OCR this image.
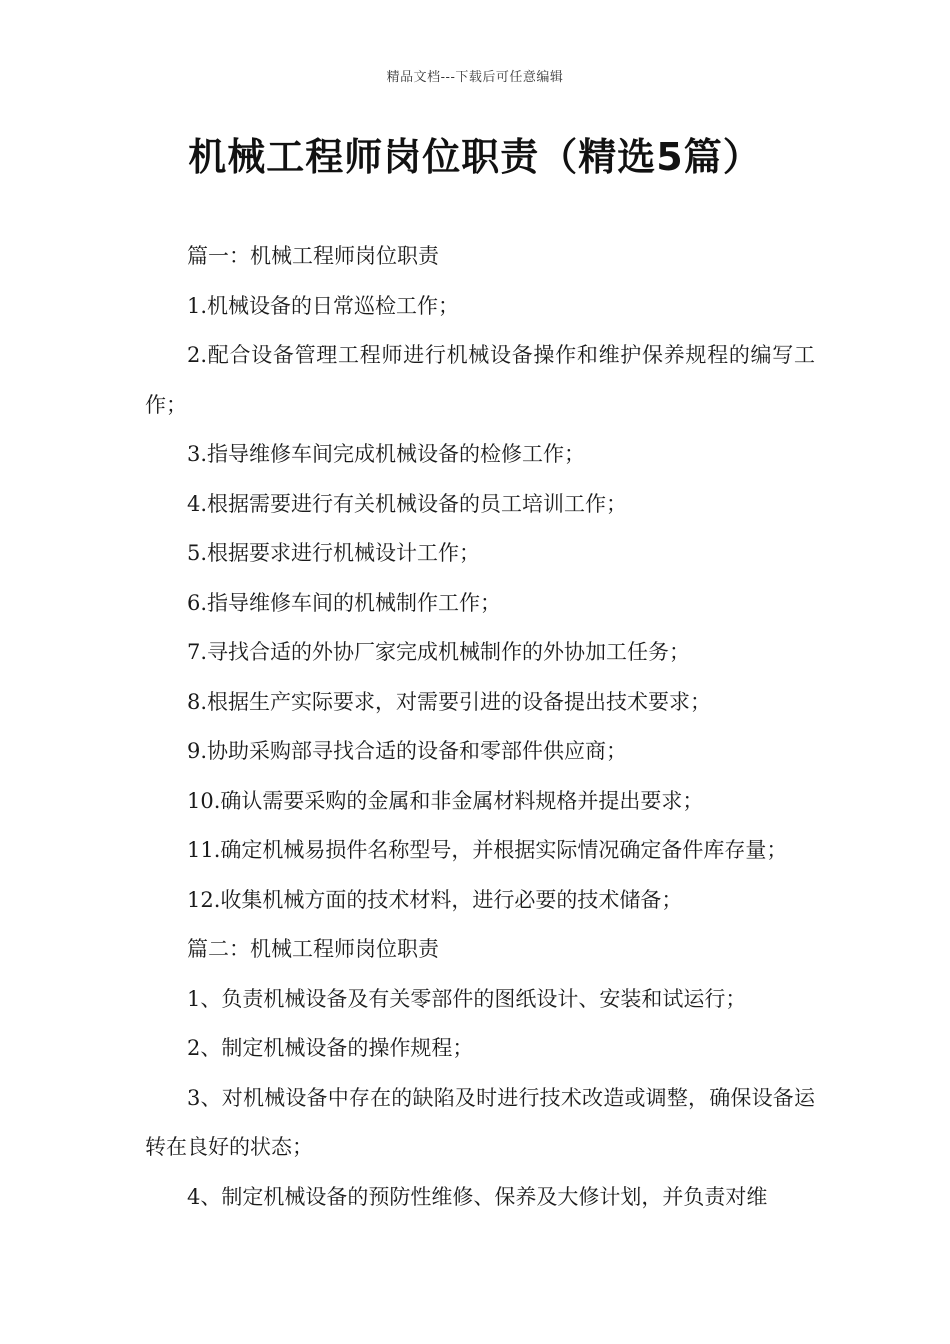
精品文档---下载后可任意编辑
机械工程师岗位职责（精选5篇）

篇一：机械工程师岗位职责

1.机械设备的日常巡检工作；

2.配合设备管理工程师进行机械设备操作和维护保养规程的编写工作；

3.指导维修车间完成机械设备的检修工作；

4.根据需要进行有关机械设备的员工培训工作；

5.根据要求进行机械设计工作；

6.指导维修车间的机械制作工作；

7.寻找合适的外协厂家完成机械制作的外协加工任务；

8.根据生产实际要求，对需要引进的设备提出技术要求；

9.协助采购部寻找合适的设备和零部件供应商；

10.确认需要采购的金属和非金属材料规格并提出要求；

11.确定机械易损件名称型号，并根据实际情况确定备件库存量；

12.收集机械方面的技术材料，进行必要的技术储备；

篇二：机械工程师岗位职责

1、负责机械设备及有关零部件的图纸设计、安装和试运行；

2、制定机械设备的操作规程；

3、对机械设备中存在的缺陷及时进行技术改造或调整，确保设备运转在良好的状态；

4、制定机械设备的预防性维修、保养及大修计划，并负责对维
